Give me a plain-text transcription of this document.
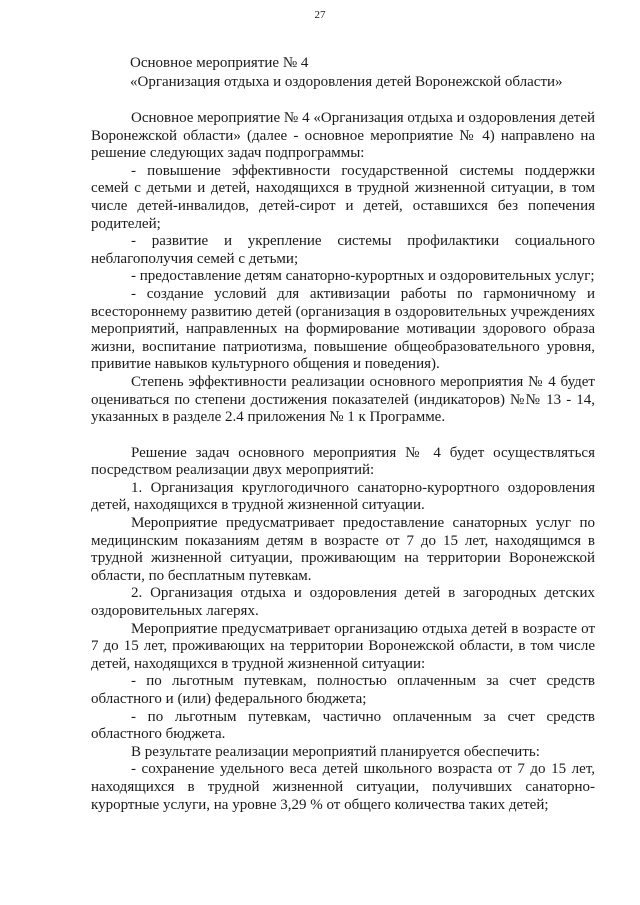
27
Основное мероприятие № 4
«Организация отдыха и оздоровления детей Воронежской области»

Основное мероприятие № 4 «Организация отдыха и оздоровления детей Воронежской области» (далее - основное мероприятие № 4) направлено на решение следующих задач подпрограммы:

- повышение эффективности государственной системы поддержки семей с детьми и детей, находящихся в трудной жизненной ситуации, в том числе детей-инвалидов, детей-сирот и детей, оставшихся без попечения родителей;

- развитие и укрепление системы профилактики социального неблагополучия семей с детьми;

- предоставление детям санаторно-курортных и оздоровительных услуг;

- создание условий для активизации работы по гармоничному и всестороннему развитию детей (организация в оздоровительных учреждениях мероприятий, направленных на формирование мотивации здорового образа жизни, воспитание патриотизма, повышение общеобразовательного уровня, привитие навыков культурного общения и поведения).

Степень эффективности реализации основного мероприятия № 4 будет оцениваться по степени достижения показателей (индикаторов) №№ 13 - 14, указанных в разделе 2.4 приложения № 1 к Программе.

Решение задач основного мероприятия № 4 будет осуществляться посредством реализации двух мероприятий:

1. Организация круглогодичного санаторно-курортного оздоровления детей, находящихся в трудной жизненной ситуации.

Мероприятие предусматривает предоставление санаторных услуг по медицинским показаниям детям в возрасте от 7 до 15 лет, находящимся в трудной жизненной ситуации, проживающим на территории Воронежской области, по бесплатным путевкам.

2. Организация отдыха и оздоровления детей в загородных детских оздоровительных лагерях.

Мероприятие предусматривает организацию отдыха детей в возрасте от 7 до 15 лет, проживающих на территории Воронежской области, в том числе детей, находящихся в трудной жизненной ситуации:

- по льготным путевкам, полностью оплаченным за счет средств областного и (или) федерального бюджета;

- по льготным путевкам, частично оплаченным за счет средств областного бюджета.

В результате реализации мероприятий планируется обеспечить:

- сохранение удельного веса детей школьного возраста от 7 до 15 лет, находящихся в трудной жизненной ситуации, получивших санаторно-курортные услуги, на уровне 3,29 % от общего количества таких детей;
